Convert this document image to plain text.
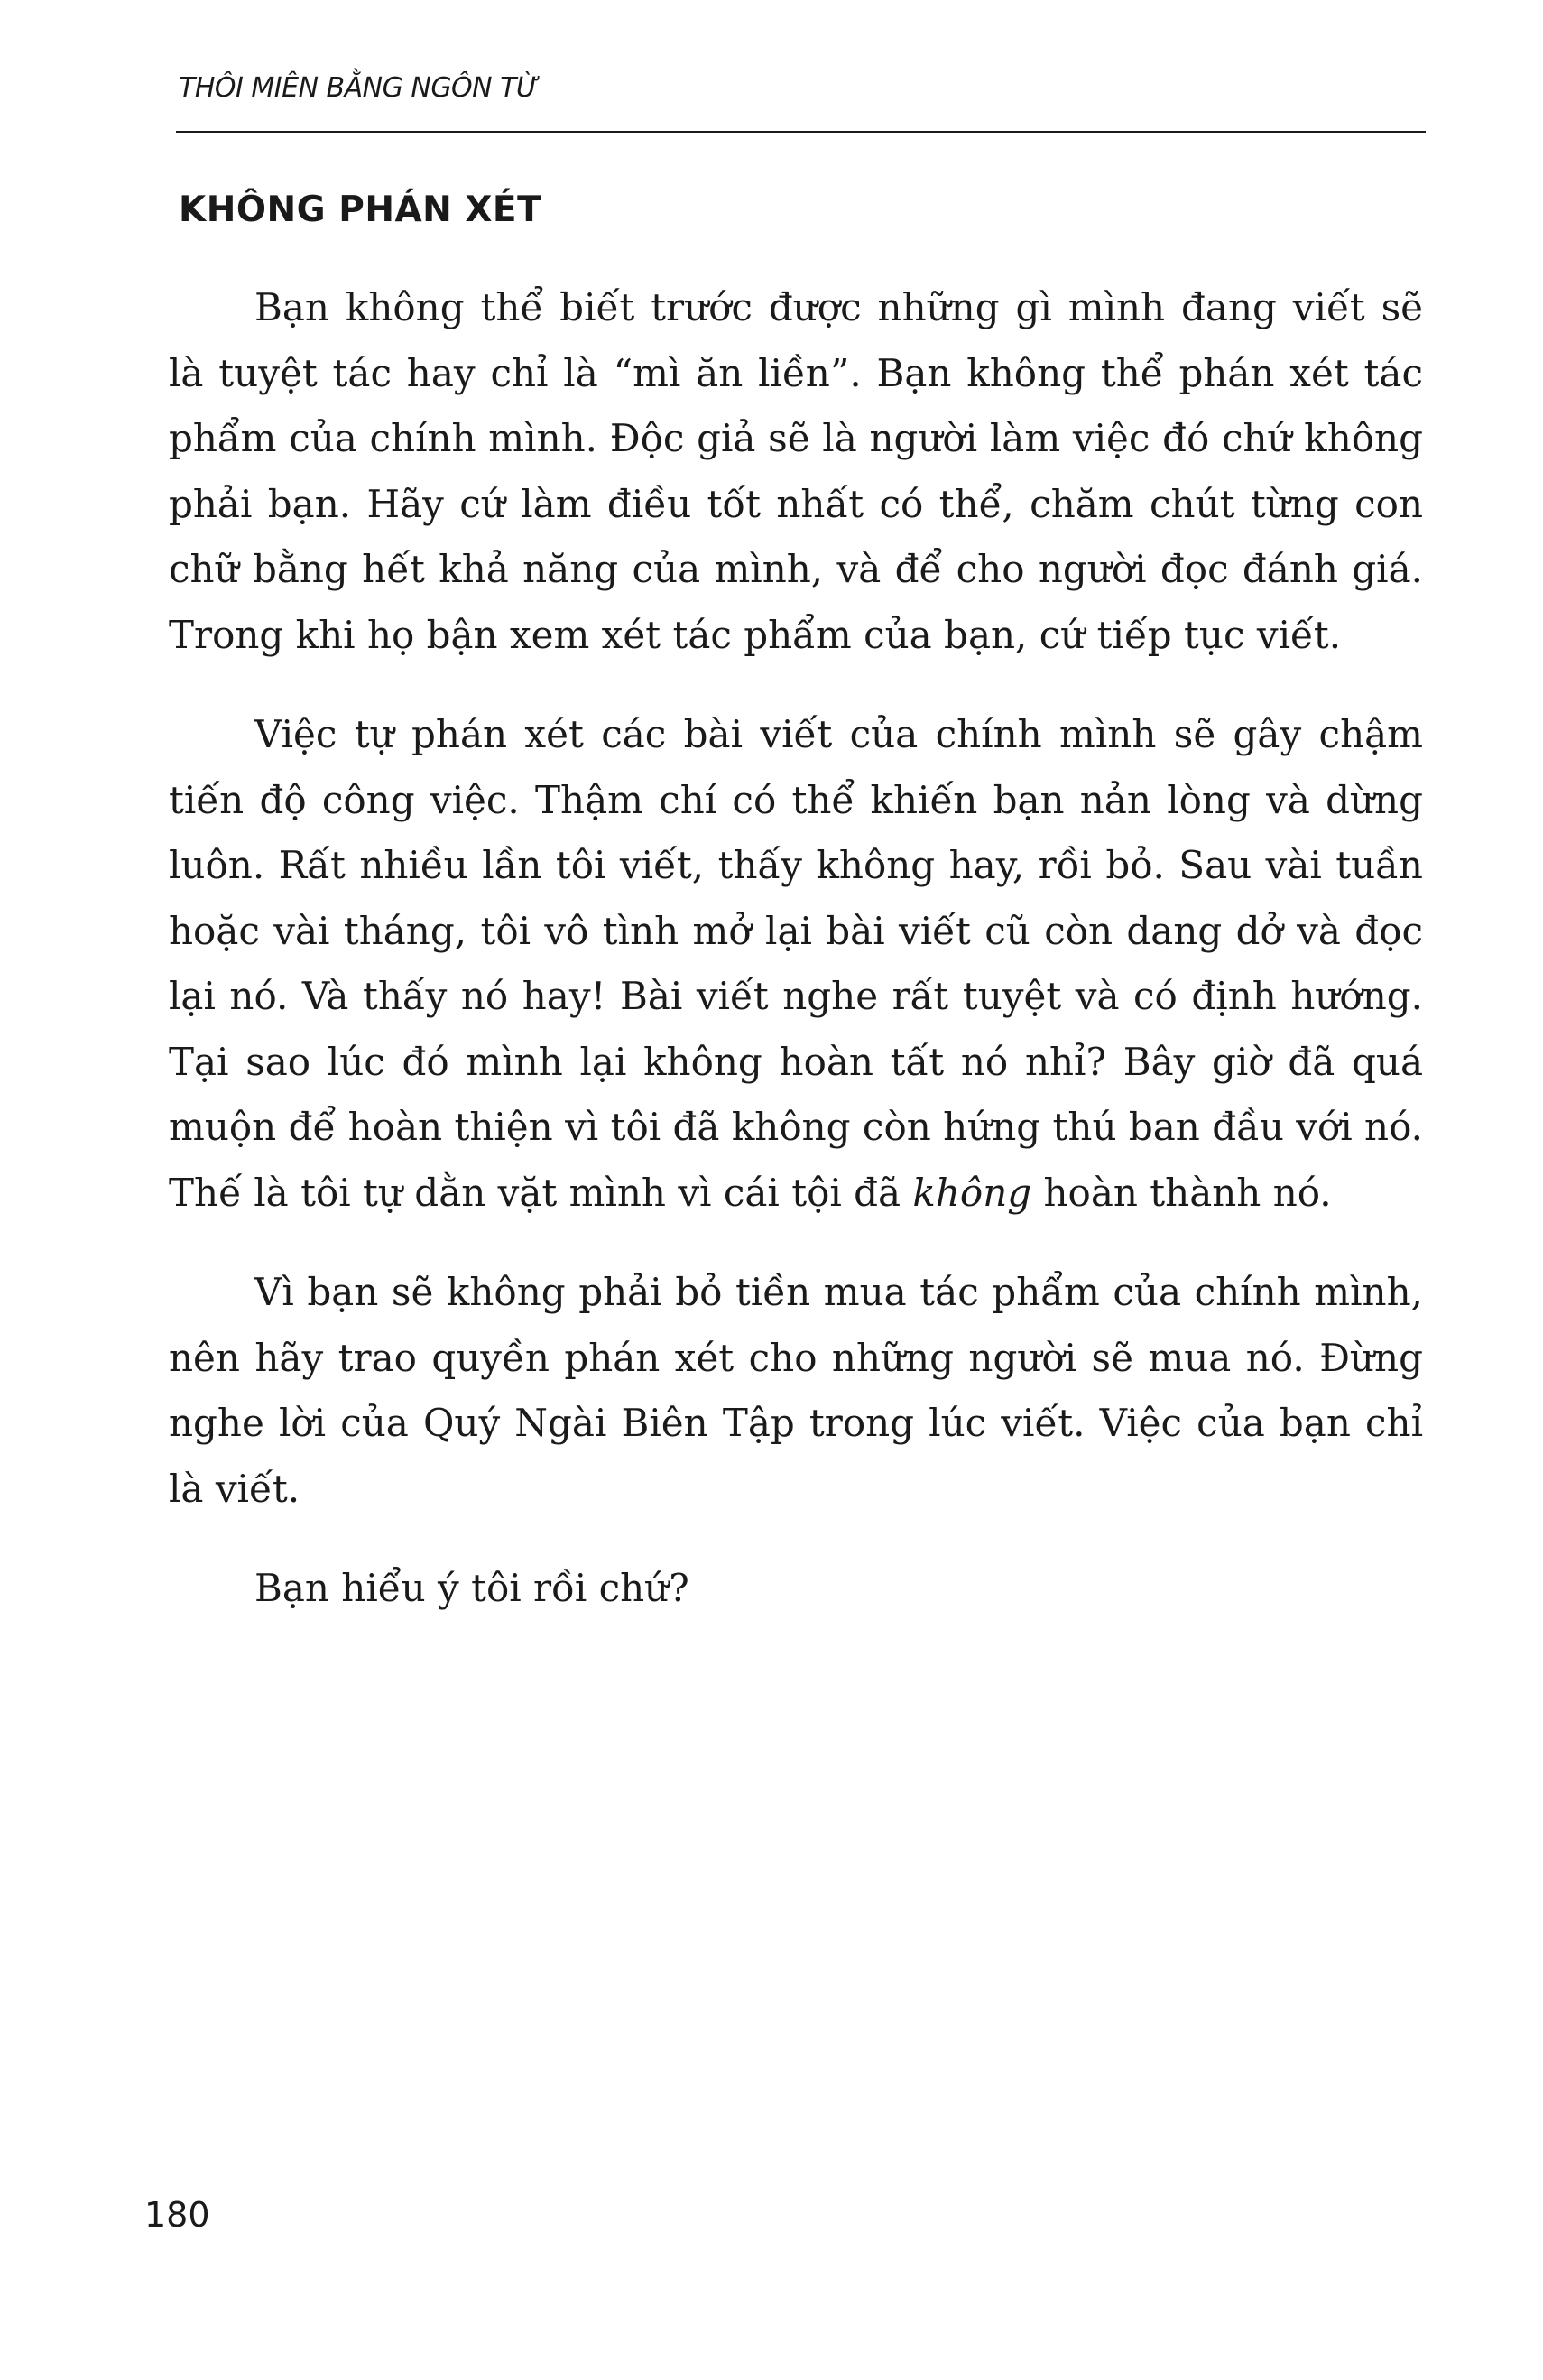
THÔI MIÊN BẰNG NGÔN TỪ
KHÔNG PHÁN XÉT

Bạn không thể biết trước được những gì mình đang viết sẽ là tuyệt tác hay chỉ là “mì ăn liền”. Bạn không thể phán xét tác phẩm của chính mình. Độc giả sẽ là người làm việc đó chứ không phải bạn. Hãy cứ làm điều tốt nhất có thể, chăm chút từng con chữ bằng hết khả năng của mình, và để cho người đọc đánh giá. Trong khi họ bận xem xét tác phẩm của bạn, cứ tiếp tục viết.

Việc tự phán xét các bài viết của chính mình sẽ gây chậm tiến độ công việc. Thậm chí có thể khiến bạn nản lòng và dừng luôn. Rất nhiều lần tôi viết, thấy không hay, rồi bỏ. Sau vài tuần hoặc vài tháng, tôi vô tình mở lại bài viết cũ còn dang dở và đọc lại nó. Và thấy nó hay! Bài viết nghe rất tuyệt và có định hướng. Tại sao lúc đó mình lại không hoàn tất nó nhỉ? Bây giờ đã quá muộn để hoàn thiện vì tôi đã không còn hứng thú ban đầu với nó. Thế là tôi tự dằn vặt mình vì cái tội đã không hoàn thành nó.

Vì bạn sẽ không phải bỏ tiền mua tác phẩm của chính mình, nên hãy trao quyền phán xét cho những người sẽ mua nó. Đừng nghe lời của Quý Ngài Biên Tập trong lúc viết. Việc của bạn chỉ là viết.

Bạn hiểu ý tôi rồi chứ?

180
